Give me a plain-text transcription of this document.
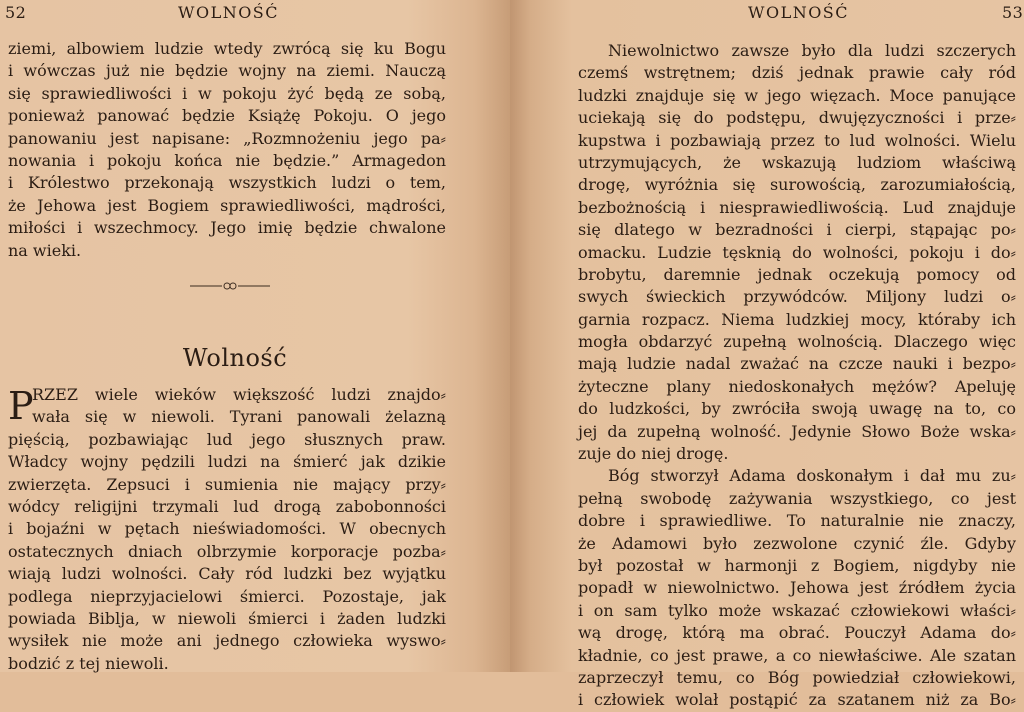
52	WOLNOŚĆ
ziemi, albowiem ludzie wtedy zwrócą się ku Bogu
i wówczas już nie będzie wojny na ziemi. Nauczą
się sprawiedliwości i w pokoju żyć będą ze sobą,
ponieważ panować będzie Książę Pokoju. O jego
panowaniu jest napisane: „Rozmnożeniu jego pa⸗
nowania i pokoju końca nie będzie.” Armagedon
i Królestwo przekonają wszystkich ludzi o tem,
że Jehowa jest Bogiem sprawiedliwości, mądrości,
miłości i wszechmocy. Jego imię będzie chwalone
na wieki.
Wolność
P
RZEZ wiele wieków większość ludzi znajdo⸗
wała się w niewoli. Tyrani panowali żelazną
pięścią, pozbawiając lud jego słusznych praw.
Władcy wojny pędzili ludzi na śmierć jak dzikie
zwierzęta. Zepsuci i sumienia nie mający przy⸗
wódcy religijni trzymali lud drogą zabobonności
i bojaźni w pętach nieświadomości. W obecnych
ostatecznych dniach olbrzymie korporacje pozba⸗
wiają ludzi wolności. Cały ród ludzki bez wyjątku
podlega nieprzyjacielowi śmierci. Pozostaje, jak
powiada Biblja, w niewoli śmierci i żaden ludzki
wysiłek nie może ani jednego człowieka wyswo⸗
bodzić z tej niewoli.
WOLNOŚĆ	53
Niewolnictwo zawsze było dla ludzi szczerych
czemś wstrętnem; dziś jednak prawie cały ród
ludzki znajduje się w jego więzach. Moce panujące
uciekają się do podstępu, dwujęzyczności i prze⸗
kupstwa i pozbawiają przez to lud wolności. Wielu
utrzymujących, że wskazują ludziom właściwą
drogę, wyróżnia się surowością, zarozumiałością,
bezbożnością i niesprawiedliwością. Lud znajduje
się dlatego w bezradności i cierpi, stąpając po⸗
omacku. Ludzie tęsknią do wolności, pokoju i do⸗
brobytu, daremnie jednak oczekują pomocy od
swych świeckich przywódców. Miljony ludzi o⸗
garnia rozpacz. Niema ludzkiej mocy, któraby ich
mogła obdarzyć zupełną wolnością. Dlaczego więc
mają ludzie nadal zważać na czcze nauki i bezpo⸗
żyteczne plany niedoskonałych mężów? Apeluję
do ludzkości, by zwróciła swoją uwagę na to, co
jej da zupełną wolność. Jedynie Słowo Boże wska⸗
zuje do niej drogę.
Bóg stworzył Adama doskonałym i dał mu zu⸗
pełną swobodę zażywania wszystkiego, co jest
dobre i sprawiedliwe. To naturalnie nie znaczy,
że Adamowi było zezwolone czynić źle. Gdyby
był pozostał w harmonji z Bogiem, nigdyby nie
popadł w niewolnictwo. Jehowa jest źródłem życia
i on sam tylko może wskazać człowiekowi właści⸗
wą drogę, którą ma obrać. Pouczył Adama do⸗
kładnie, co jest prawe, a co niewłaściwe. Ale szatan
zaprzeczył temu, co Bóg powiedział człowiekowi,
i człowiek wolał postąpić za szatanem niż za Bo⸗
